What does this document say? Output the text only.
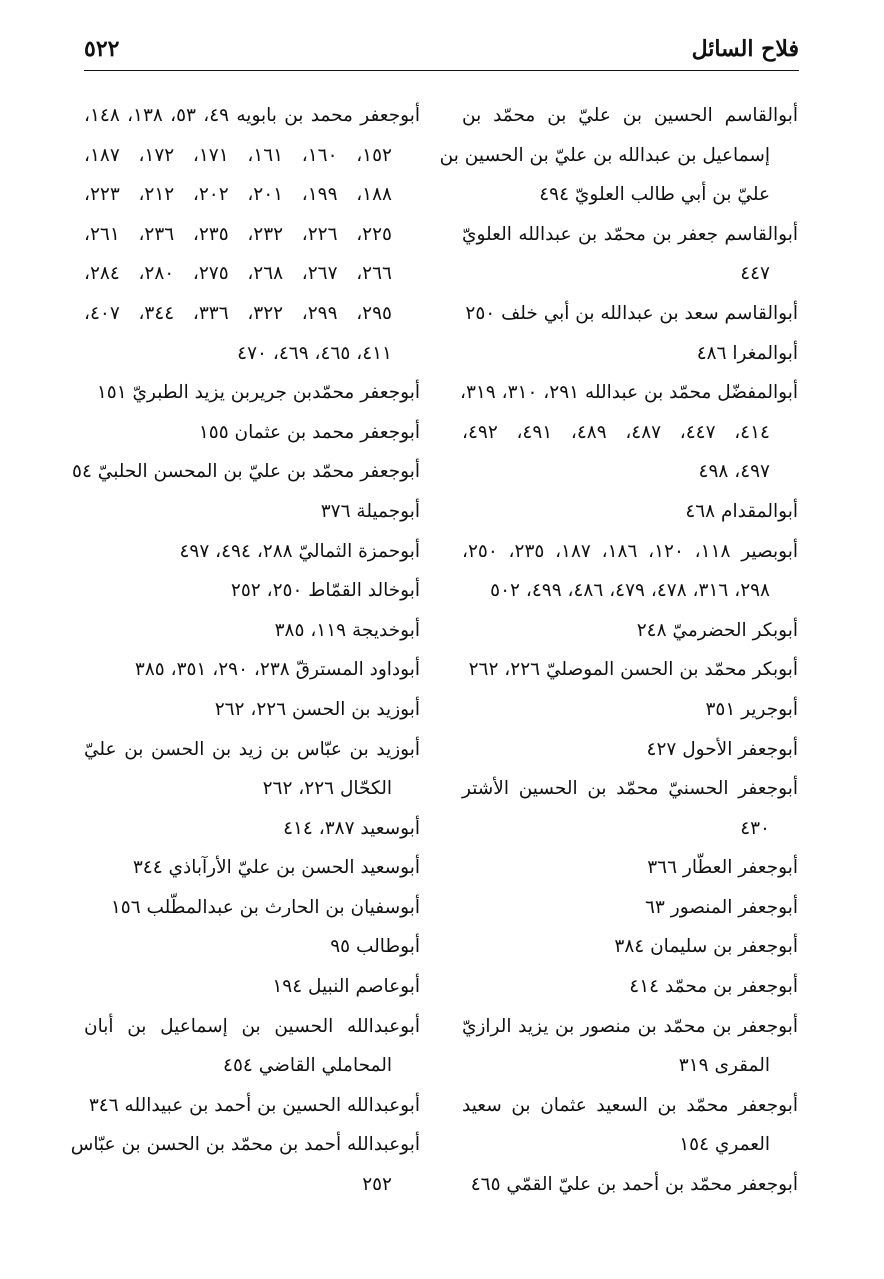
٥٢٢	فلاح السائل
أبوالقاسم الحسين بن عليّ بن محمّد بن
إسماعيل بن عبدالله بن عليّ بن الحسين بن
عليّ بن أبي طالب العلويّ ٤٩٤
أبوالقاسم جعفر بن محمّد بن عبدالله العلويّ
٤٤٧
أبوالقاسم سعد بن عبدالله بن أبي خلف ٢٥٠
أبوالمغرا ٤٨٦
أبوالمفضّل محمّد بن عبدالله ٢٩١، ٣١٠، ٣١٩،
٤١٤، ٤٤٧، ٤٨٧، ٤٨٩، ٤٩١، ٤٩٢،
٤٩٧، ٤٩٨
أبوالمقدام ٤٦٨
أبوبصير ١١٨، ١٢٠، ١٨٦، ١٨٧، ٢٣٥، ٢٥٠،
٢٩٨، ٣١٦، ٤٧٨، ٤٧٩، ٤٨٦، ٤٩٩، ٥٠٢
أبوبكر الحضرميّ ٢٤٨
أبوبكر محمّد بن الحسن الموصليّ ٢٢٦، ٢٦٢
أبوجرير ٣٥١
أبوجعفر الأحول ٤٢٧
أبوجعفر الحسنيّ محمّد بن الحسين الأشتر
٤٣٠
أبوجعفر العطّار ٣٦٦
أبوجعفر المنصور ٦٣
أبوجعفر بن سليمان ٣٨٤
أبوجعفر بن محمّد ٤١٤
أبوجعفر بن محمّد بن منصور بن يزيد الرازيّ
المقرى ٣١٩
أبوجعفر محمّد بن السعيد عثمان بن سعيد
العمري ١٥٤
أبوجعفر محمّد بن أحمد بن عليّ القمّي ٤٦٥
أبوجعفر محمد بن بابويه ٤٩، ٥٣، ١٣٨، ١٤٨،
١٥٢، ١٦٠، ١٦١، ١٧١، ١٧٢، ١٨٧،
١٨٨، ١٩٩، ٢٠١، ٢٠٢، ٢١٢، ٢٢٣،
٢٢٥، ٢٢٦، ٢٣٢، ٢٣٥، ٢٣٦، ٢٦١،
٢٦٦، ٢٦٧، ٢٦٨، ٢٧٥، ٢٨٠، ٢٨٤،
٢٩٥، ٢٩٩، ٣٢٢، ٣٣٦، ٣٤٤، ٤٠٧،
٤١١، ٤٦٥، ٤٦٩، ٤٧٠
أبوجعفر محمّدبن جريربن يزيد الطبريّ ١٥١
أبوجعفر محمد بن عثمان ١٥٥
أبوجعفر محمّد بن عليّ بن المحسن الحلبيّ ٥٤
أبوجميلة ٣٧٦
أبوحمزة الثماليّ ٢٨٨، ٤٩٤، ٤٩٧
أبوخالد القمّاط ٢٥٠، ٢٥٢
أبوخديجة ١١٩، ٣٨٥
أبوداود المسترقّ ٢٣٨، ٢٩٠، ٣٥١، ٣٨٥
أبوزيد بن الحسن ٢٢٦، ٢٦٢
أبوزيد بن عبّاس بن زيد بن الحسن بن عليّ
الكحّال ٢٢٦، ٢٦٢
أبوسعيد ٣٨٧، ٤١٤
أبوسعيد الحسن بن عليّ الأرآباذي ٣٤٤
أبوسفيان بن الحارث بن عبدالمطّلب ١٥٦
أبوطالب ٩٥
أبوعاصم النبيل ١٩٤
أبوعبدالله الحسين بن إسماعيل بن أبان
المحاملي القاضي ٤٥٤
أبوعبدالله الحسين بن أحمد بن عبيدالله ٣٤٦
أبوعبدالله أحمد بن محمّد بن الحسن بن عبّاس
٢٥٢
